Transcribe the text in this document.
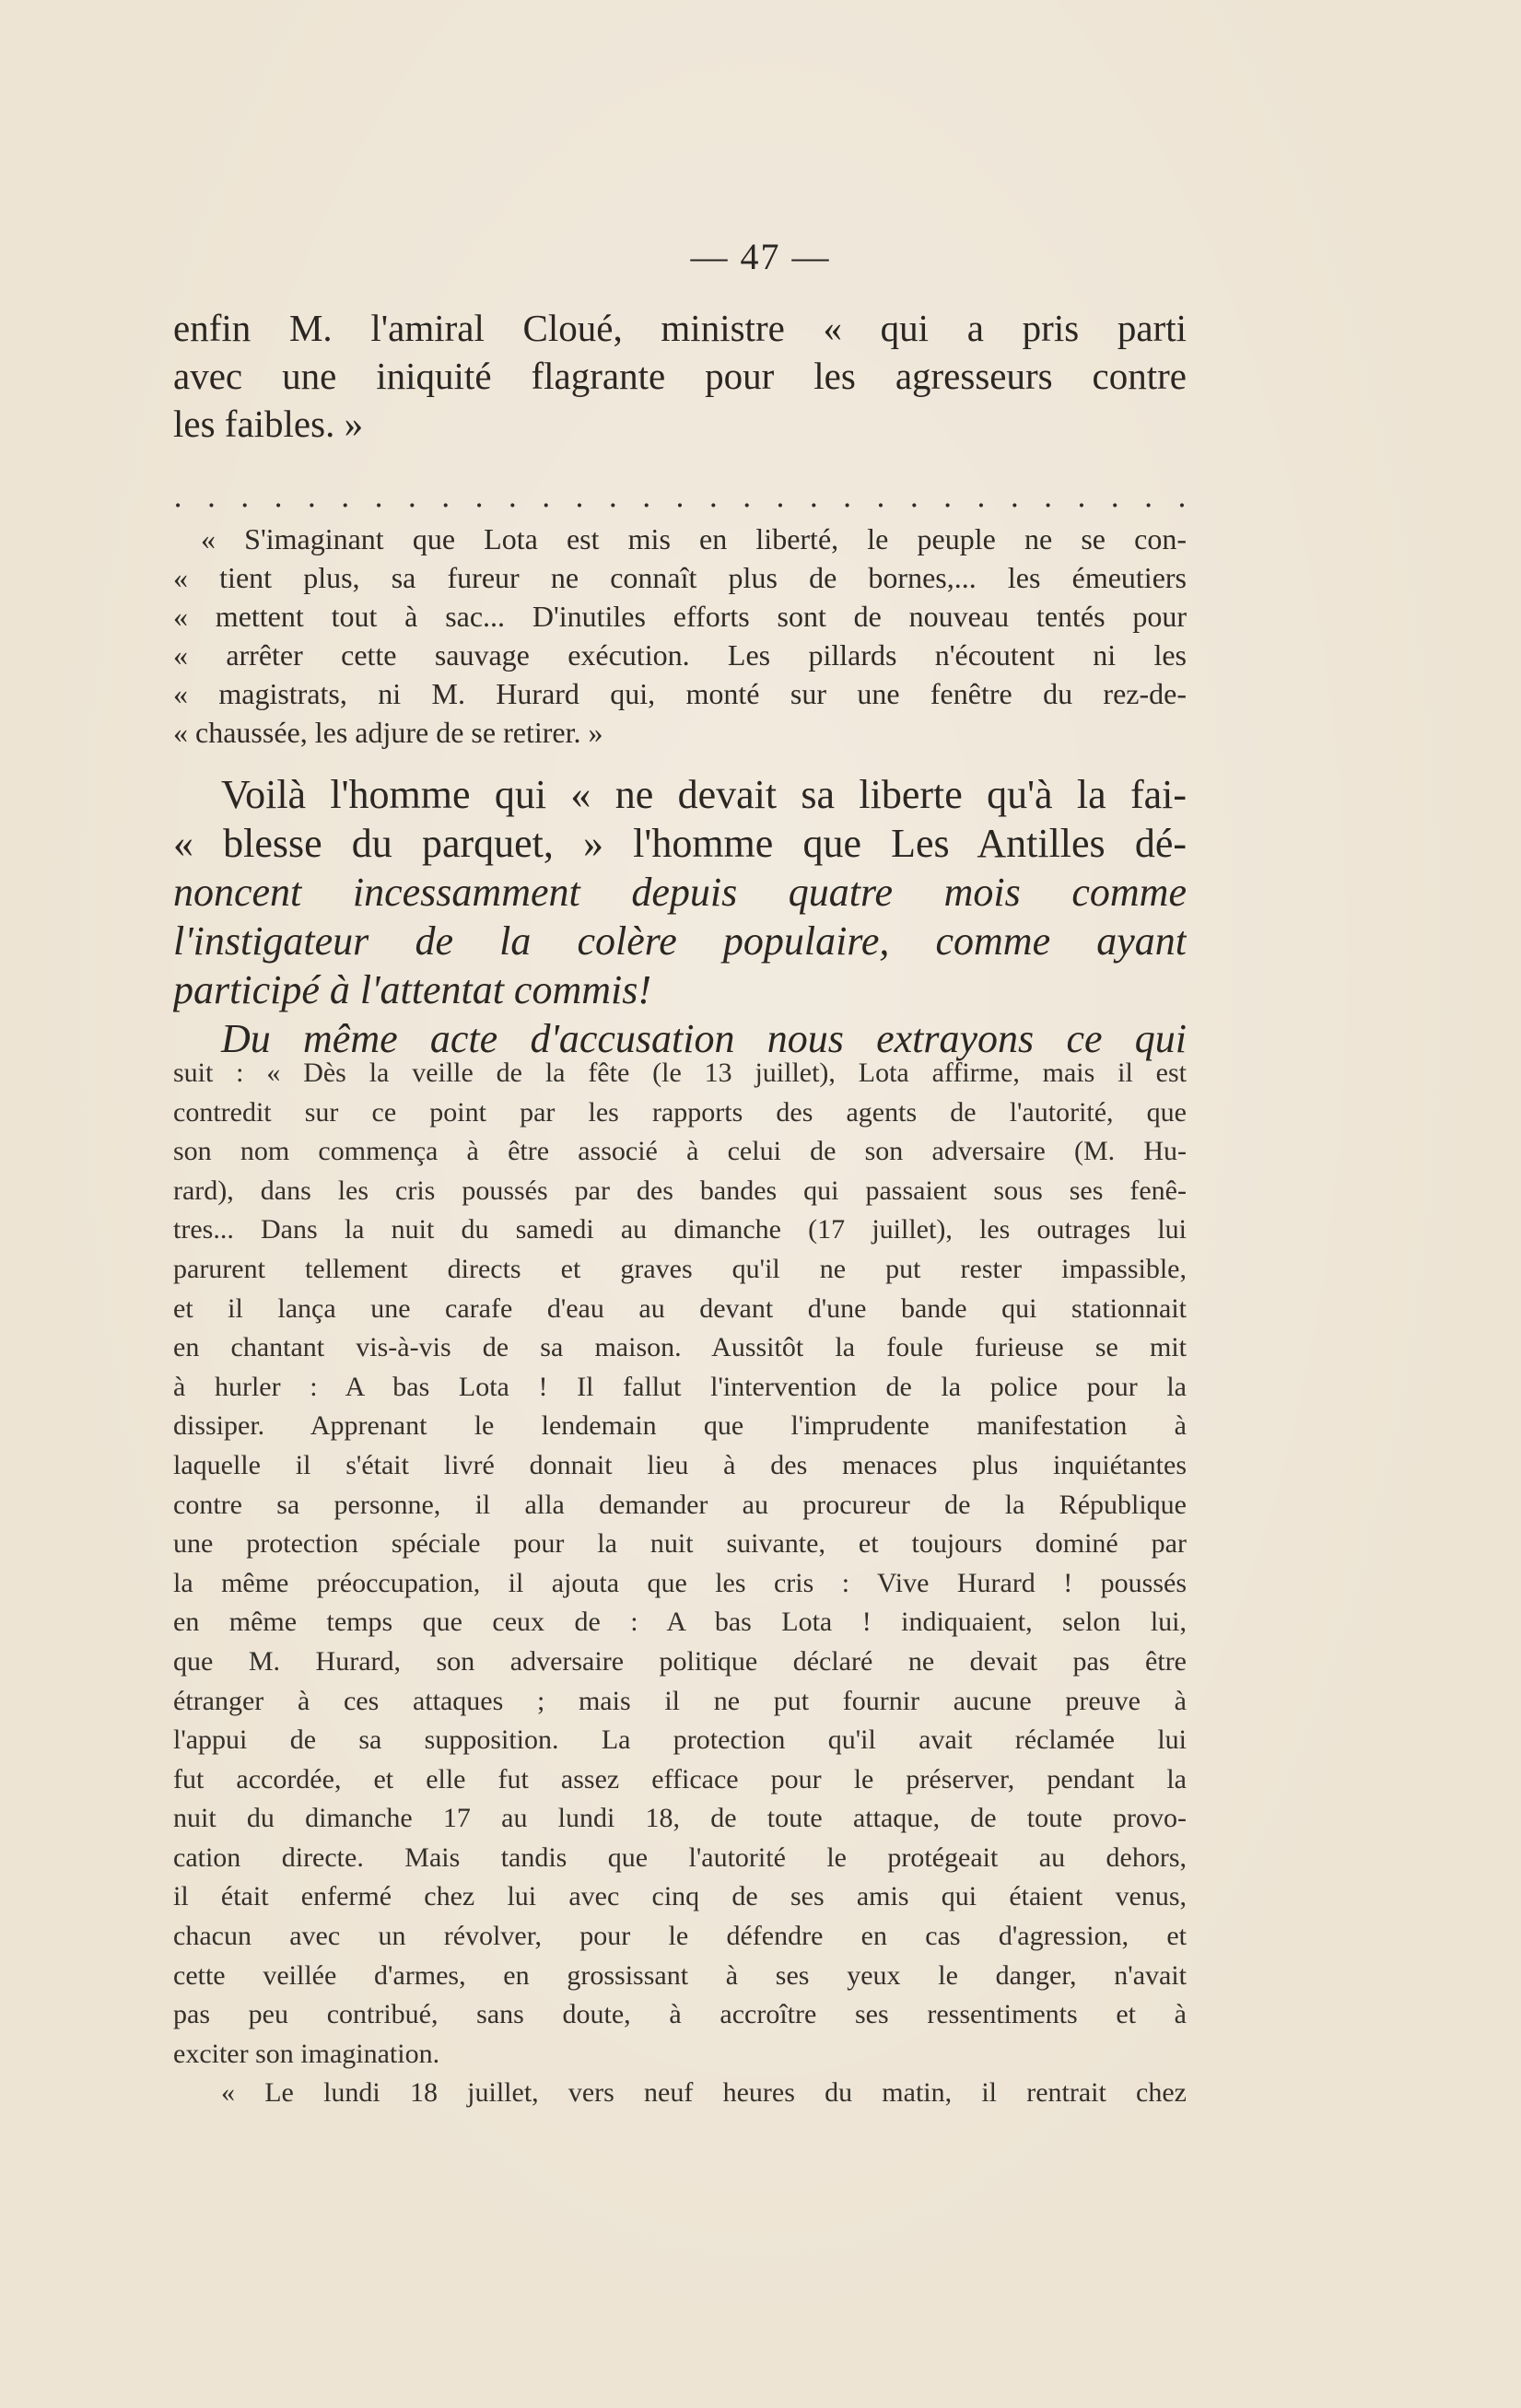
— 47 —
enfin M. l'amiral Cloué, ministre « qui a pris parti
avec une iniquité flagrante pour les agresseurs contre
les faibles. »
. . . . . . . . . . . . . . . . . . . . . . . . . . . . . . .
« S'imaginant que Lota est mis en liberté, le peuple ne se con-
« tient plus, sa fureur ne connaît plus de bornes,... les émeutiers
« mettent tout à sac... D'inutiles efforts sont de nouveau tentés pour
« arrêter cette sauvage exécution. Les pillards n'écoutent ni les
« magistrats, ni M. Hurard qui, monté sur une fenêtre du rez-de-
« chaussée, les adjure de se retirer. »
Voilà l'homme qui « ne devait sa liberte qu'à la fai-
« blesse du parquet, » l'homme que Les Antilles dé-
noncent incessamment depuis quatre mois comme
l'instigateur de la colère populaire, comme ayant
participé à l'attentat commis!
Du même acte d'accusation nous extrayons ce qui
suit : « Dès la veille de la fête (le 13 juillet), Lota affirme, mais il est
contredit sur ce point par les rapports des agents de l'autorité, que
son nom commença à être associé à celui de son adversaire (M. Hu-
rard), dans les cris poussés par des bandes qui passaient sous ses fenê-
tres... Dans la nuit du samedi au dimanche (17 juillet), les outrages lui
parurent tellement directs et graves qu'il ne put rester impassible,
et il lança une carafe d'eau au devant d'une bande qui stationnait
en chantant vis-à-vis de sa maison. Aussitôt la foule furieuse se mit
à hurler : A bas Lota ! Il fallut l'intervention de la police pour la
dissiper. Apprenant le lendemain que l'imprudente manifestation à
laquelle il s'était livré donnait lieu à des menaces plus inquiétantes
contre sa personne, il alla demander au procureur de la République
une protection spéciale pour la nuit suivante, et toujours dominé par
la même préoccupation, il ajouta que les cris : Vive Hurard ! poussés
en même temps que ceux de : A bas Lota ! indiquaient, selon lui,
que M. Hurard, son adversaire politique déclaré ne devait pas être
étranger à ces attaques ; mais il ne put fournir aucune preuve à
l'appui de sa supposition. La protection qu'il avait réclamée lui
fut accordée, et elle fut assez efficace pour le préserver, pendant la
nuit du dimanche 17 au lundi 18, de toute attaque, de toute provo-
cation directe. Mais tandis que l'autorité le protégeait au dehors,
il était enfermé chez lui avec cinq de ses amis qui étaient venus,
chacun avec un révolver, pour le défendre en cas d'agression, et
cette veillée d'armes, en grossissant à ses yeux le danger, n'avait
pas peu contribué, sans doute, à accroître ses ressentiments et à
exciter son imagination.
« Le lundi 18 juillet, vers neuf heures du matin, il rentrait chez
